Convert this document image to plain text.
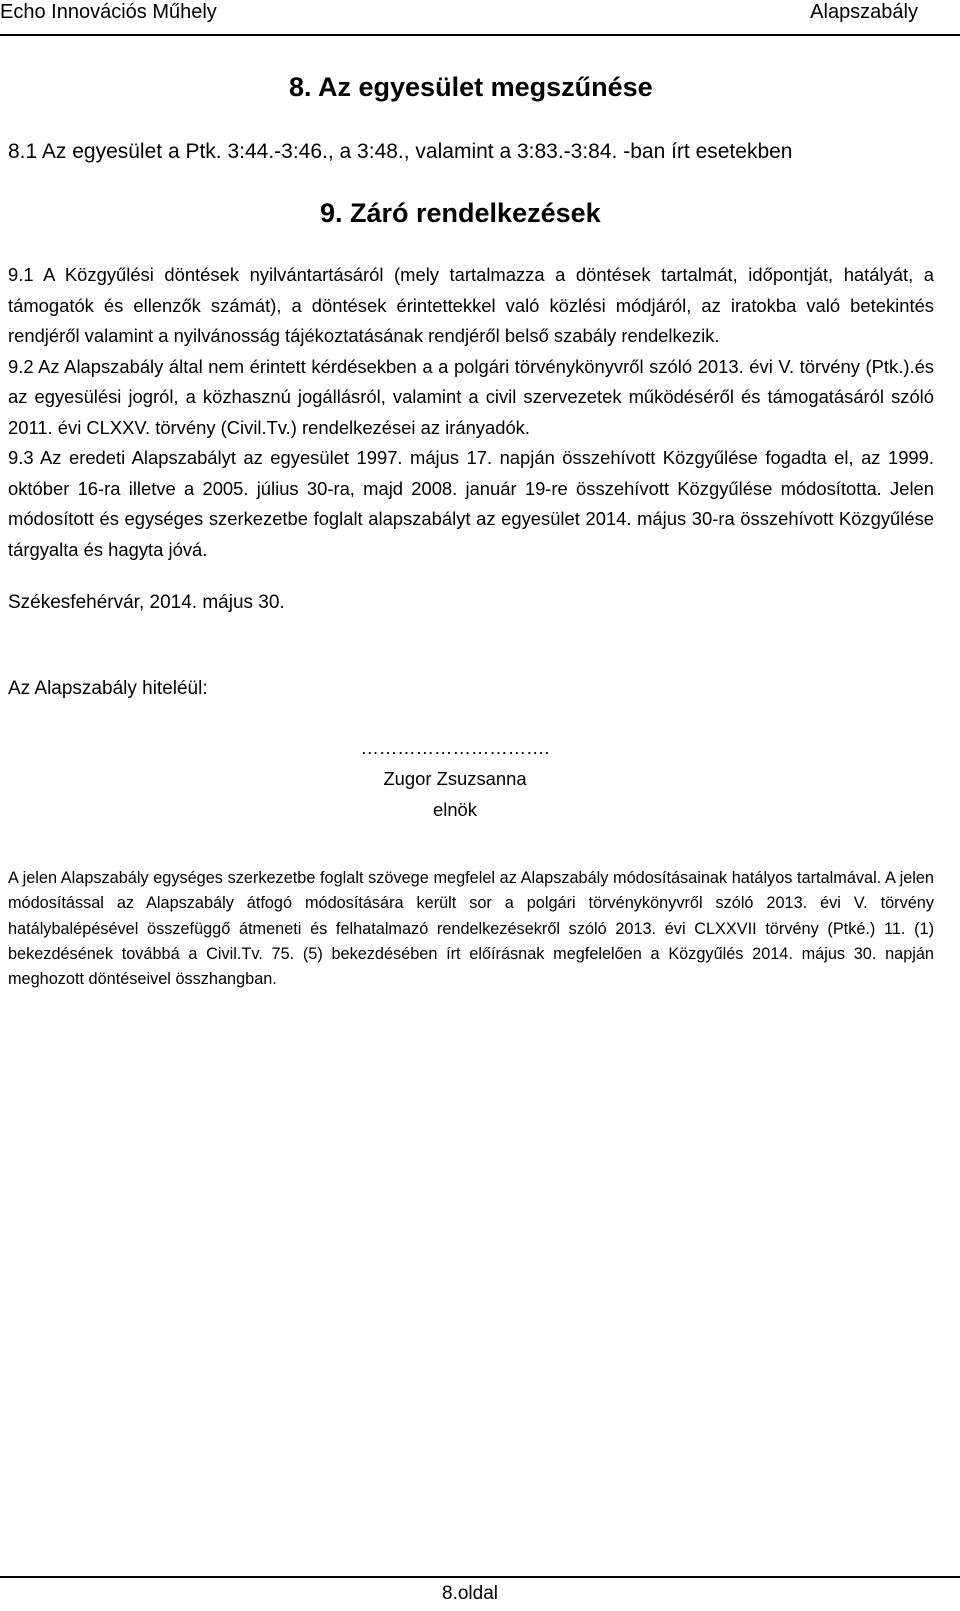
Echo Innovációs Műhely	Alapszabály
8. Az egyesület megszűnése
8.1 Az egyesület a Ptk. 3:44.-3:46., a 3:48., valamint a 3:83.-3:84. -ban írt esetekben
9. Záró rendelkezések

9.1 A Közgyűlési döntések nyilvántartásáról (mely tartalmazza a döntések tartalmát, időpontját, hatályát, a támogatók és ellenzők számát), a döntések érintettekkel való közlési módjáról, az iratokba való betekintés rendjéről valamint a nyilvánosság tájékoztatásának rendjéről belső szabály rendelkezik.

9.2 Az Alapszabály által nem érintett kérdésekben a a polgári törvénykönyvről szóló 2013. évi V. törvény (Ptk.).és az egyesülési jogról, a közhasznú jogállásról, valamint a civil szervezetek működéséről és támogatásáról szóló 2011. évi CLXXV. törvény (Civil.Tv.) rendelkezései az irányadók.

9.3 Az eredeti Alapszabályt az egyesület 1997. május 17. napján összehívott Közgyűlése fogadta el, az 1999. október 16-ra illetve a 2005. július 30-ra, majd 2008. január 19-re összehívott Közgyűlése módosította. Jelen módosított és egységes szerkezetbe foglalt alapszabályt az egyesület 2014. május 30-ra összehívott Közgyűlése tárgyalta és hagyta jóvá.

Székesfehérvár, 2014. május 30.
Az Alapszabály hiteléül:
………………………….
Zugor Zsuzsanna
elnök
A jelen Alapszabály egységes szerkezetbe foglalt szövege megfelel az Alapszabály módosításainak hatályos tartalmával. A jelen módosítással az Alapszabály átfogó módosítására került sor a polgári törvénykönyvről szóló 2013. évi V. törvény hatálybalépésével összefüggő átmeneti és felhatalmazó rendelkezésekről szóló 2013. évi CLXXVII törvény (Ptké.) 11. (1) bekezdésének továbbá a Civil.Tv. 75. (5) bekezdésében írt előírásnak megfelelően a Közgyűlés 2014. május 30. napján meghozott döntéseivel összhangban.
8.oldal
